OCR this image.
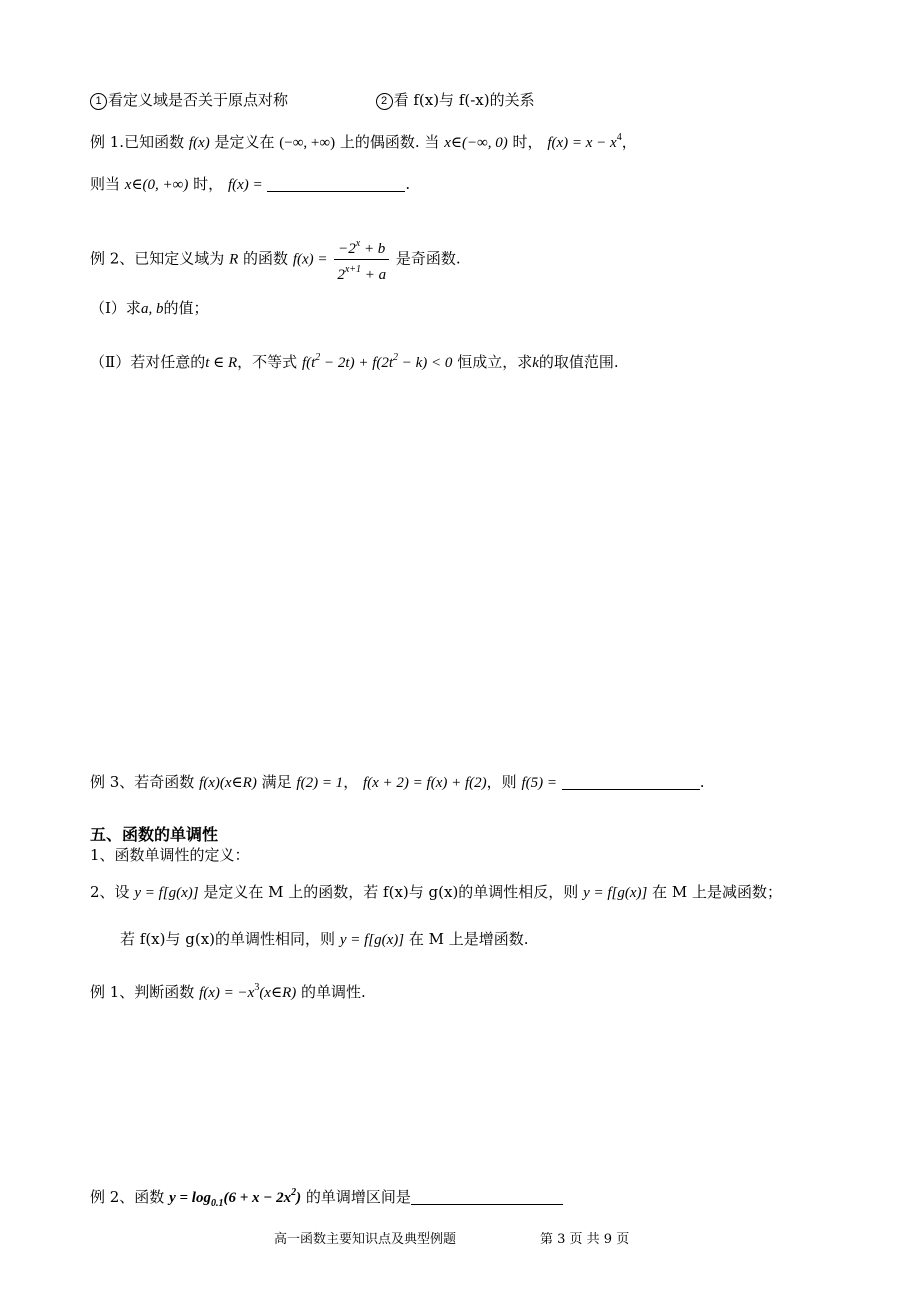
1 看定义域是否关于原点对称	2 看 f(x)与 f(-x)的关系
例 1.已知函数 f(x) 是定义在 (−∞, +∞) 上的偶函数. 当 x∈(−∞, 0) 时， $f(x) = x - x^4$，
则当 x∈(0, +∞) 时， f(x) =	.
例 2、已知定义域为 R 的函数 $f(x) = \frac{-2^x + b}{2^{x+1} + a}$ 是奇函数.
（Ⅰ）求a, b的值；
（Ⅱ）若对任意的t ∈ R，不等式 $f(t^2 - 2t) + f(2t^2 - k) < 0$ 恒成立，求k的取值范围.
例 3、若奇函数 f(x)(x∈R) 满足 f(2) = 1， f(x + 2) = f(x) + f(2)，则 f(5) =	.
五、函数的单调性
1、函数单调性的定义：
2、设 y = f[g(x)] 是定义在 M 上的函数，若 f(x)与 g(x)的单调性相反，则 y = f[g(x)] 在 M 上是减函数；
若 f(x)与 g(x)的单调性相同，则 y = f[g(x)] 在 M 上是增函数.
例 1、判断函数 $f(x) = -x^3(x\in R)$ 的单调性.
例 2、函数 $y = \log_{0.1}(6 + x - 2x^2)$ 的单调增区间是
高一函数主要知识点及典型例题	第 3 页 共 9 页
